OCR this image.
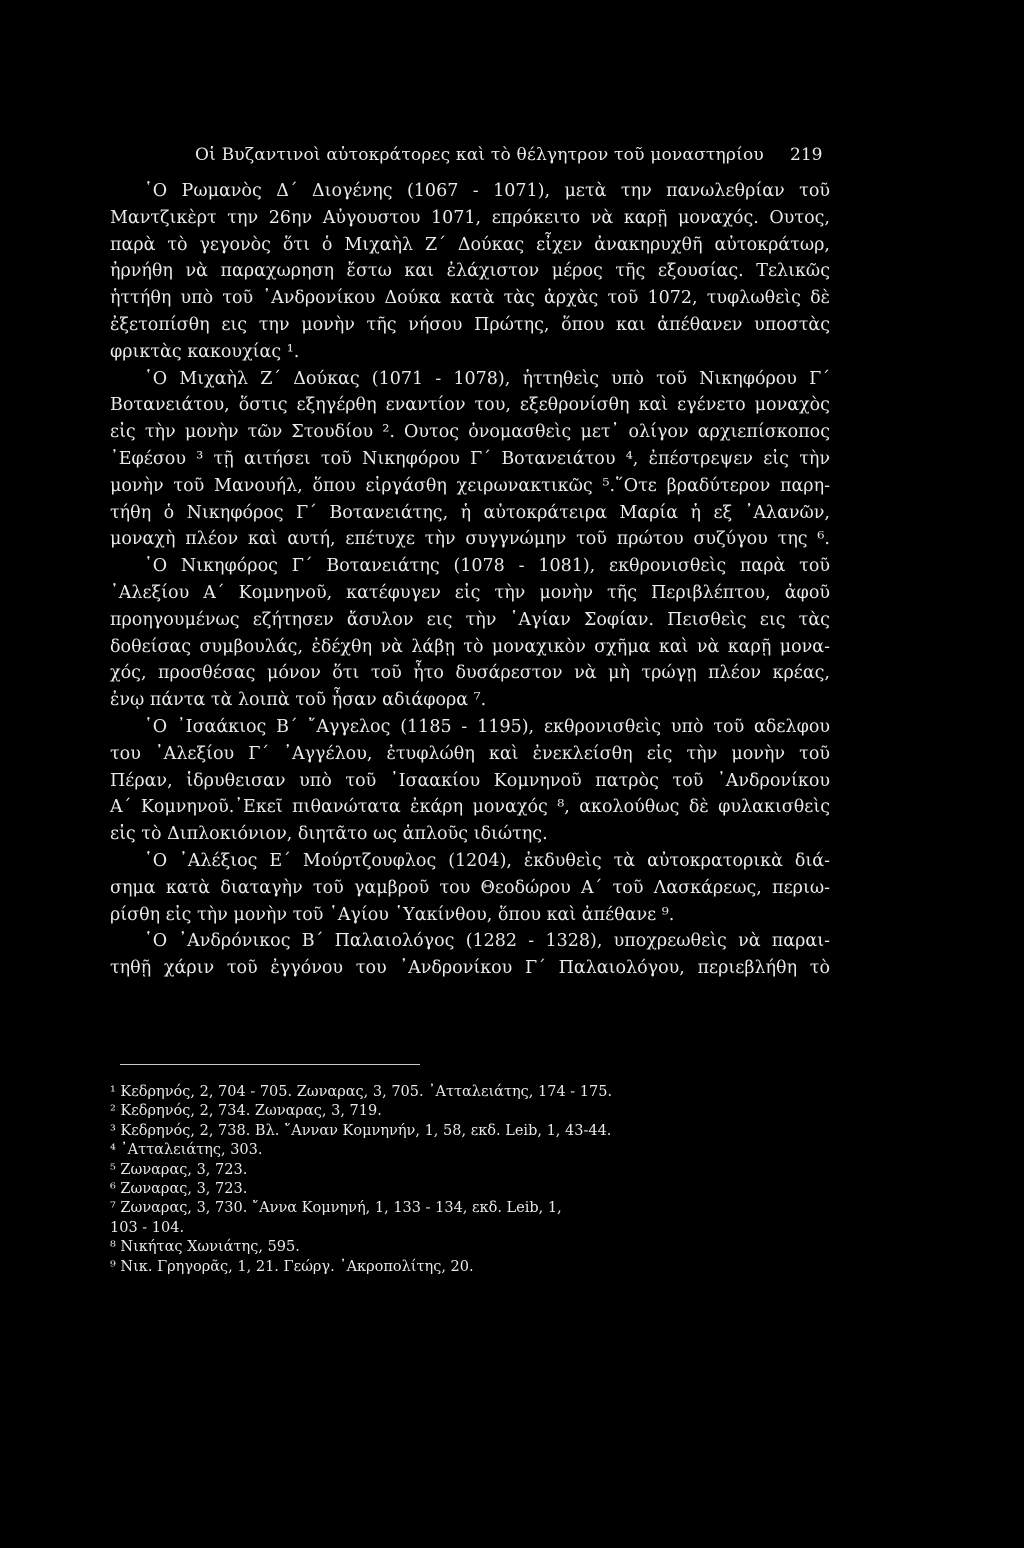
Οἱ Βυζαντινοὶ αὐτοκράτορες καὶ τὸ θέλγητρον τοῦ μοναστηρίου	219
῾Ο Ρωμανὸς Δ΄ Διογένης (1067 - 1071), μετὰ την πανωλεθρίαν τοῦ
Μαντζικὲρτ την 26ην Αὐγουστου 1071, επρόκειτο νὰ καρῇ μοναχός. Ουτος,
παρὰ τὸ γεγονὸς ὅτι ὁ Μιχαὴλ Ζ΄ Δούκας εἶχεν ἀνακηρυχθῆ αὐτοκράτωρ,
ἠρνήθη νὰ παραχωρηση ἔστω και ἐλάχιστον μέρος τῆς εξουσίας. Τελικῶς
ἡττήθη υπὸ τοῦ ᾿Ανδρονίκου Δούκα κατὰ τὰς ἀρχὰς τοῦ 1072, τυφλωθεὶς δὲ
ἐξετοπίσθη εις την μονὴν τῆς νήσου Πρώτης, ὅπου και ἀπέθανεν υποστὰς
φρικτὰς κακουχίας ¹.
῾Ο Μιχαὴλ Ζ΄ Δούκας (1071 - 1078), ἡττηθεὶς υπὸ τοῦ Νικηφόρου Γ΄
Βοτανειάτου, ὅστις εξηγέρθη εναντίον του, εξεθρονίσθη καὶ εγένετο μοναχὸς
εἰς τὴν μονὴν τῶν Στουδίου ². Ουτος ὀνομασθεὶς μετ᾿ ολίγον αρχιεπίσκοπος
᾿Εφέσου ³ τῇ αιτήσει τοῦ Νικηφόρου Γ΄ Βοτανειάτου ⁴, ἐπέστρεψεν εἰς τὴν
μονὴν τοῦ Μανουήλ, ὅπου εἰργάσθη χειρωνακτικῶς ⁵.῞Οτε βραδύτερον παρη-
τήθη ὁ Νικηφόρος Γ΄ Βοτανειάτης, ἡ αὐτοκράτειρα Μαρία ἡ εξ ᾿Αλανῶν,
μοναχὴ πλέον καὶ αυτή, επέτυχε τὴν συγγνώμην τοῦ πρώτου συζύγου της ⁶.
῾Ο Νικηφόρος Γ΄ Βοτανειάτης (1078 - 1081), εκθρονισθεὶς παρὰ τοῦ
᾿Αλεξίου Α΄ Κομνηνοῦ, κατέφυγεν εἰς τὴν μονὴν τῆς Περιβλέπτου, ἀφοῦ
προηγουμένως εζήτησεν ἄσυλον εις τὴν ῾Αγίαν Σοφίαν. Πεισθεὶς εις τὰς
δοθείσας συμβουλάς, ἐδέχθη νὰ λάβῃ τὸ μοναχικὸν σχῆμα καὶ νὰ καρῇ μονα-
χός, προσθέσας μόνον ὅτι τοῦ ἦτο δυσάρεστον νὰ μὴ τρώγῃ πλέον κρέας,
ἐνῳ πάντα τὰ λοιπὰ τοῦ ἦσαν αδιάφορα ⁷.
῾Ο ᾿Ισαάκιος Β΄ ῎Αγγελος (1185 - 1195), εκθρονισθεὶς υπὸ τοῦ αδελφου
του ᾿Αλεξίου Γ΄ ᾿Αγγέλου, ἐτυφλώθη καὶ ἐνεκλείσθη εἰς τὴν μονὴν τοῦ
Πέραν, ἱδρυθεισαν υπὸ τοῦ ᾿Ισαακίου Κομνηνοῦ πατρὸς τοῦ ᾿Ανδρονίκου
Α΄ Κομνηνοῦ.᾿Εκεῖ πιθανώτατα ἐκάρη μοναχός ⁸, ακολούθως δὲ φυλακισθεὶς
εἰς τὸ Διπλοκιόνιον, διητᾶτο ως ἁπλοῦς ιδιώτης.
῾Ο ᾿Αλέξιος Ε΄ Μούρτζουφλος (1204), ἐκδυθεὶς τὰ αὐτοκρατορικὰ διά-
σημα κατὰ διαταγὴν τοῦ γαμβροῦ του Θεοδώρου Α΄ τοῦ Λασκάρεως, περιω-
ρίσθη εἰς τὴν μονὴν τοῦ ῾Αγίου ῾Υακίνθου, ὅπου καὶ ἀπέθανε ⁹.
῾Ο ᾿Ανδρόνικος Β΄ Παλαιολόγος (1282 - 1328), υποχρεωθεὶς νὰ παραι-
τηθῇ χάριν τοῦ ἐγγόνου του ᾿Ανδρονίκου Γ΄ Παλαιολόγου, περιεβλήθη τὸ
¹ Κεδρηνός, 2, 704 - 705. Ζωναρας, 3, 705. ᾿Ατταλειάτης, 174 - 175.
² Κεδρηνός, 2, 734. Ζωναρας, 3, 719.
³ Κεδρηνός, 2, 738. Βλ. ῎Ανναν Κομνηνήν, 1, 58, εκδ. Leib, 1, 43-44.
⁴ ᾿Ατταλειάτης, 303.
⁵ Ζωναρας, 3, 723.
⁶ Ζωναρας, 3, 723.
⁷ Ζωναρας, 3, 730. ῎Αννα Κομνηνή, 1, 133 - 134, εκδ. Leib, 1,
103 - 104.
⁸ Νικήτας Χωνιάτης, 595.
⁹ Νικ. Γρηγορᾶς, 1, 21. Γεώργ. ᾿Ακροπολίτης, 20.
